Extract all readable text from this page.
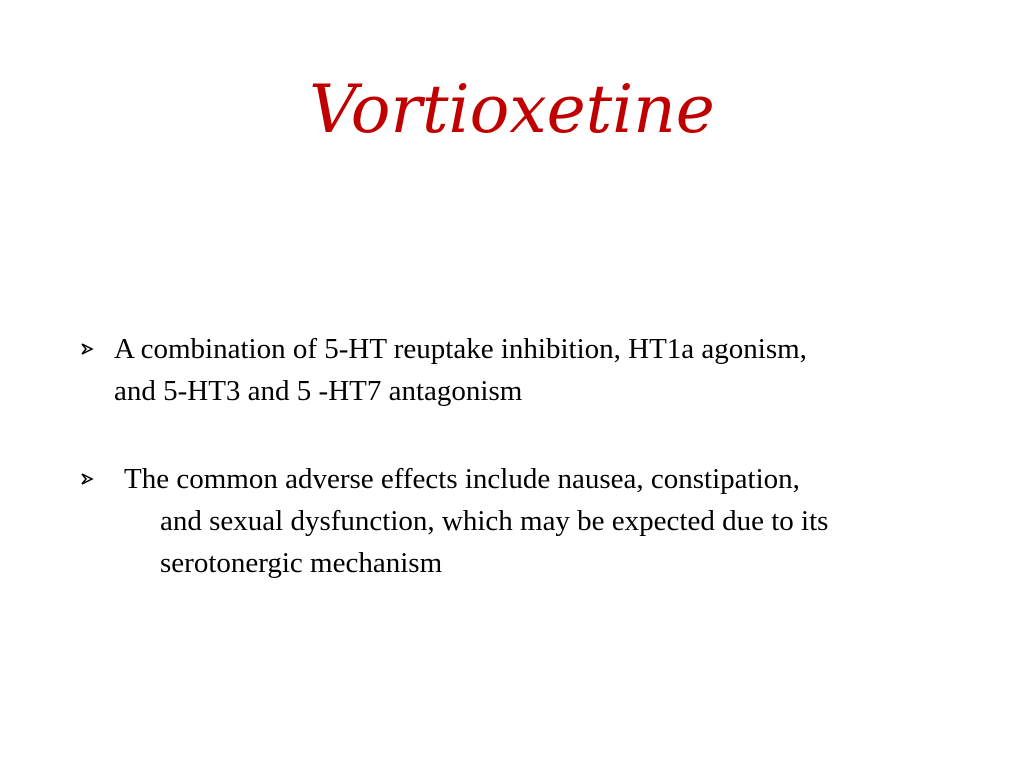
Vortioxetine
A combination of 5-HT reuptake inhibition, HT1a agonism,
and 5-HT3 and 5 -HT7 antagonism
The common adverse effects include nausea, constipation,
and sexual dysfunction, which may be expected due to its
serotonergic mechanism
